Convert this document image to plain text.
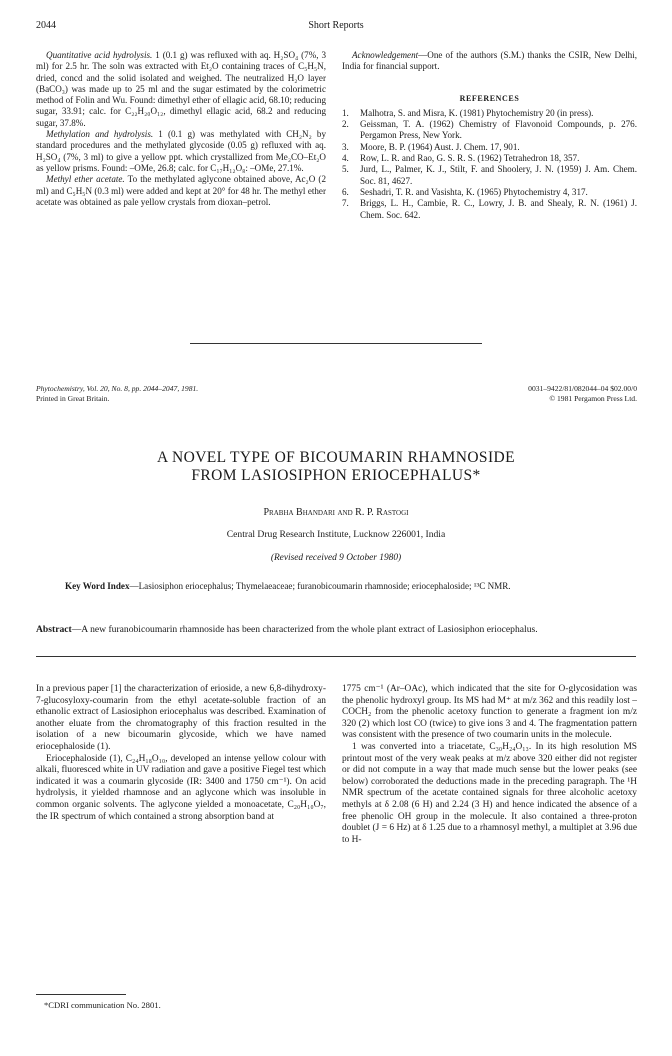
2044	Short Reports

Quantitative acid hydrolysis. 1 (0.1 g) was refluxed with aq. H₂SO₄ (7%, 3 ml) for 2.5 hr. The soln was extracted with Et₂O containing traces of C₅H₅N, dried, concd and the solid isolated and weighed. The neutralized H₂O layer (BaCO₃) was made up to 25 ml and the sugar estimated by the colorimetric method of Folin and Wu. Found: dimethyl ether of ellagic acid, 68.10; reducing sugar, 33.91; calc. for C₂₂H₂₀O₁₂, dimethyl ellagic acid, 68.2 and reducing sugar, 37.8%.

Methylation and hydrolysis. 1 (0.1 g) was methylated with CH₂N₂ by standard procedures and the methylated glycoside (0.05 g) refluxed with aq. H₂SO₄ (7%, 3 ml) to give a yellow ppt. which crystallized from Me₂CO–Et₂O as yellow prisms. Found: –OMe, 26.8; calc. for C₁₇H₁₂O₈: –OMe, 27.1%.

Methyl ether acetate. To the methylated aglycone obtained above, Ac₂O (2 ml) and C₅H₅N (0.3 ml) were added and kept at 20° for 48 hr. The methyl ether acetate was obtained as pale yellow crystals from dioxan–petrol.

Acknowledgement—One of the authors (S.M.) thanks the CSIR, New Delhi, India for financial support.

REFERENCES
1. Malhotra, S. and Misra, K. (1981) Phytochemistry 20 (in press).
2. Geissman, T. A. (1962) Chemistry of Flavonoid Compounds, p. 276. Pergamon Press, New York.
3. Moore, B. P. (1964) Aust. J. Chem. 17, 901.
4. Row, L. R. and Rao, G. S. R. S. (1962) Tetrahedron 18, 357.
5. Jurd, L., Palmer, K. J., Stilt, F. and Shoolery, J. N. (1959) J. Am. Chem. Soc. 81, 4627.
6. Seshadri, T. R. and Vasishta, K. (1965) Phytochemistry 4, 317.
7. Briggs, L. H., Cambie, R. C., Lowry, J. B. and Shealy, R. N. (1961) J. Chem. Soc. 642.
Phytochemistry, Vol. 20, No. 8, pp. 2044–2047, 1981.
Printed in Great Britain.
0031–9422/81/082044–04 $02.00/0
© 1981 Pergamon Press Ltd.
A NOVEL TYPE OF BICOUMARIN RHAMNOSIDE
FROM LASIOSIPHON ERIOCEPHALUS*
Prabha Bhandari and R. P. Rastogi
Central Drug Research Institute, Lucknow 226001, India
(Revised received 9 October 1980)
Key Word Index—Lasiosiphon eriocephalus; Thymelaeaceae; furanobicoumarin rhamnoside; eriocephaloside; ¹³C NMR.
Abstract—A new furanobicoumarin rhamnoside has been characterized from the whole plant extract of Lasiosiphon eriocephalus.

In a previous paper [1] the characterization of erioside, a new 6,8-dihydroxy-7-glucosyloxy-coumarin from the ethyl acetate-soluble fraction of an ethanolic extract of Lasiosiphon eriocephalus was described. Examination of another eluate from the chromatography of this fraction resulted in the isolation of a new bicoumarin glycoside, which we have named eriocephaloside (1).

Eriocephaloside (1), C₂₄H₁₈O₁₀, developed an intense yellow colour with alkali, fluoresced white in UV radiation and gave a positive Fiegel test which indicated it was a coumarin glycoside (IR: 3400 and 1750 cm⁻¹). On acid hydrolysis, it yielded rhamnose and an aglycone which was insoluble in common organic solvents. The aglycone yielded a monoacetate, C₂₀H₁₀O₇, the IR spectrum of which contained a strong absorption band at

*CDRI communication No. 2801.

1775 cm⁻¹ (Ar–OAc), which indicated that the site for O-glycosidation was the phenolic hydroxyl group. Its MS had M⁺ at m/z 362 and this readily lost –COCH₂ from the phenolic acetoxy function to generate a fragment ion m/z 320 (2) which lost CO (twice) to give ions 3 and 4. The fragmentation pattern was consistent with the presence of two coumarin units in the molecule.

1 was converted into a triacetate, C₃₀H₂₄O₁₃. In its high resolution MS printout most of the very weak peaks at m/z above 320 either did not register or did not compute in a way that made much sense but the lower peaks (see below) corroborated the deductions made in the preceding paragraph. The ¹H NMR spectrum of the acetate contained signals for three alcoholic acetoxy methyls at δ 2.08 (6 H) and 2.24 (3 H) and hence indicated the absence of a free phenolic OH group in the molecule. It also contained a three-proton doublet (J = 6 Hz) at δ 1.25 due to a rhamnosyl methyl, a multiplet at 3.96 due to H-
